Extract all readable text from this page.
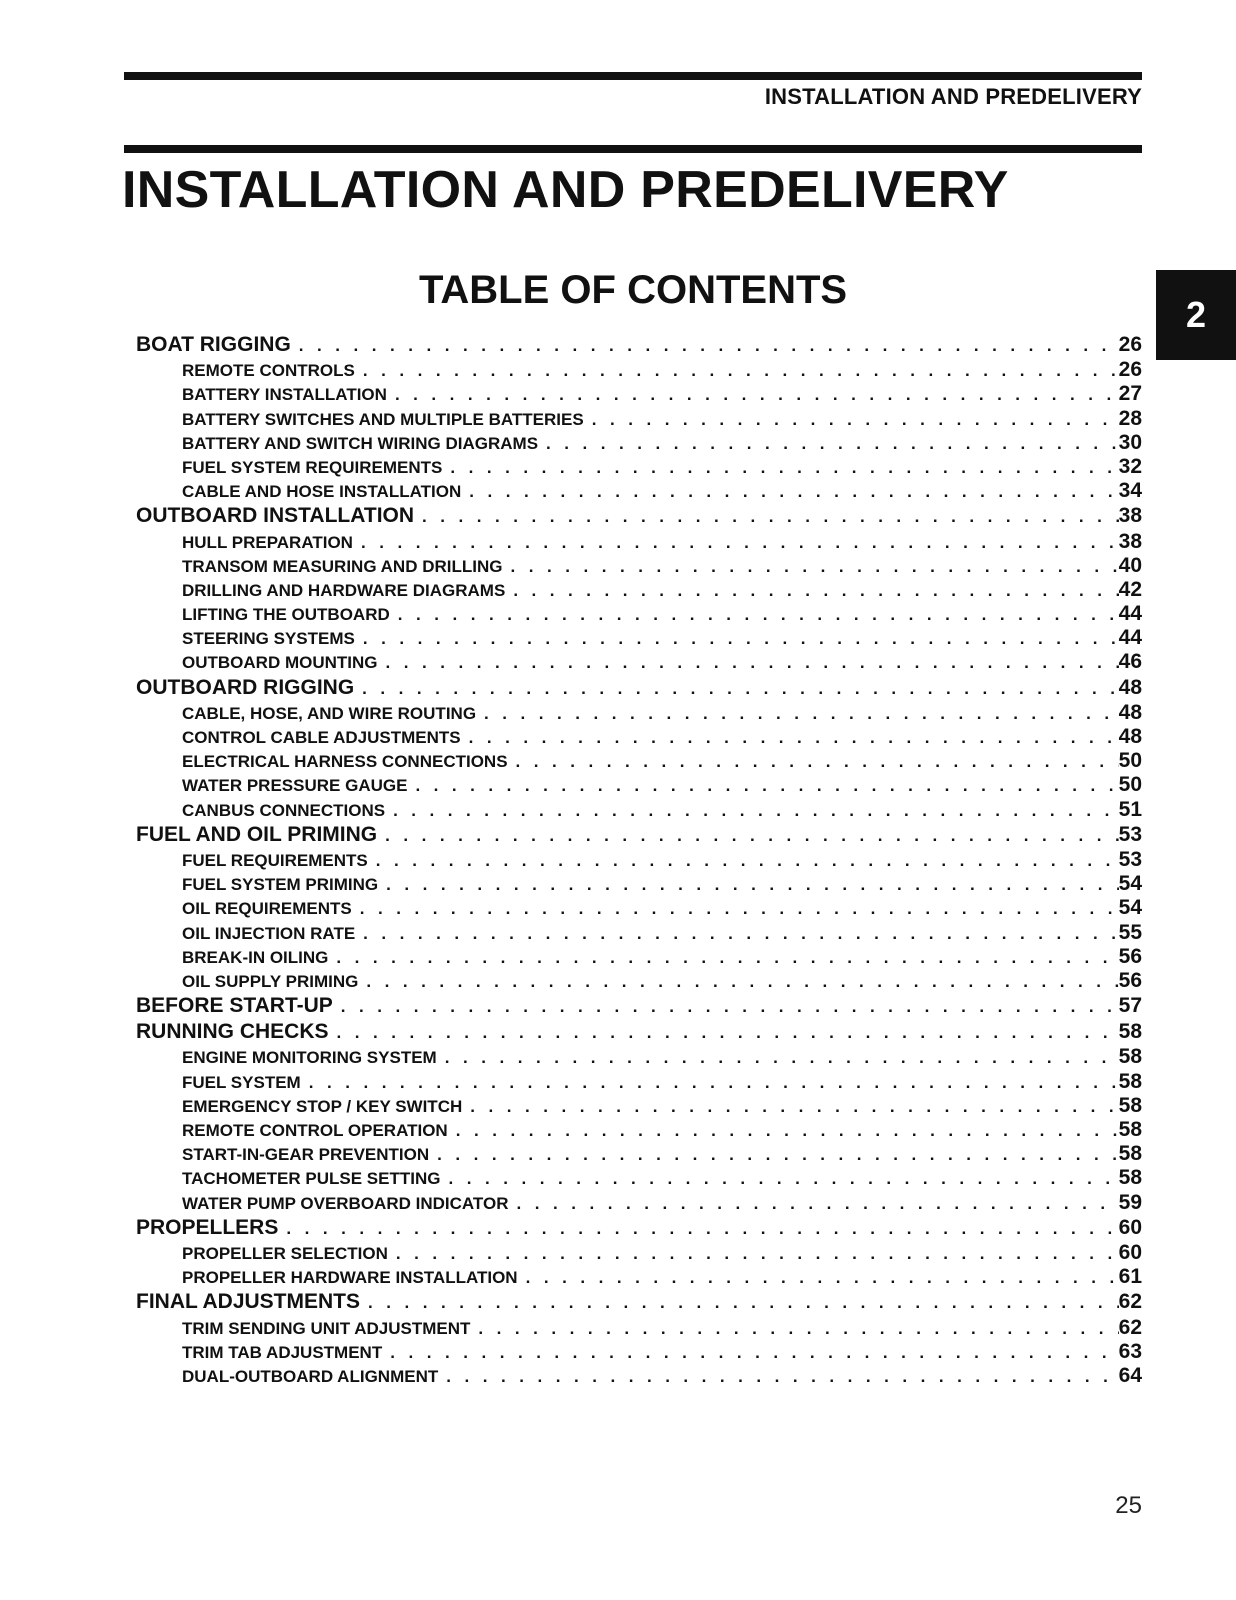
INSTALLATION AND PREDELIVERY
INSTALLATION AND PREDELIVERY
2
TABLE OF CONTENTS
BOAT RIGGING . . .	26
REMOTE CONTROLS . . .	26
BATTERY INSTALLATION . . .	27
BATTERY SWITCHES AND MULTIPLE BATTERIES . . .	28
BATTERY AND SWITCH WIRING DIAGRAMS . . .	30
FUEL SYSTEM REQUIREMENTS . . .	32
CABLE AND HOSE INSTALLATION . . .	34
OUTBOARD INSTALLATION . . .	38
HULL PREPARATION . . .	38
TRANSOM MEASURING AND DRILLING . . .	40
DRILLING AND HARDWARE DIAGRAMS . . .	42
LIFTING THE OUTBOARD . . .	44
STEERING SYSTEMS . . .	44
OUTBOARD MOUNTING . . .	46
OUTBOARD RIGGING . . .	48
CABLE, HOSE, AND WIRE ROUTING . . .	48
CONTROL CABLE ADJUSTMENTS . . .	48
ELECTRICAL HARNESS CONNECTIONS . . .	50
WATER PRESSURE GAUGE . . .	50
CANBUS CONNECTIONS . . .	51
FUEL AND OIL PRIMING . . .	53
FUEL REQUIREMENTS . . .	53
FUEL SYSTEM PRIMING . . .	54
OIL REQUIREMENTS . . .	54
OIL INJECTION RATE . . .	55
BREAK-IN OILING . . .	56
OIL SUPPLY PRIMING . . .	56
BEFORE START-UP . . .	57
RUNNING CHECKS . . .	58
ENGINE MONITORING SYSTEM . . .	58
FUEL SYSTEM . . .	58
EMERGENCY STOP / KEY SWITCH . . .	58
REMOTE CONTROL OPERATION . . .	58
START-IN-GEAR PREVENTION . . .	58
TACHOMETER PULSE SETTING . . .	58
WATER PUMP OVERBOARD INDICATOR . . .	59
PROPELLERS . . .	60
PROPELLER SELECTION . . .	60
PROPELLER HARDWARE INSTALLATION . . .	61
FINAL ADJUSTMENTS . . .	62
TRIM SENDING UNIT ADJUSTMENT . . .	62
TRIM TAB ADJUSTMENT . . .	63
DUAL-OUTBOARD ALIGNMENT . . .	64
25
